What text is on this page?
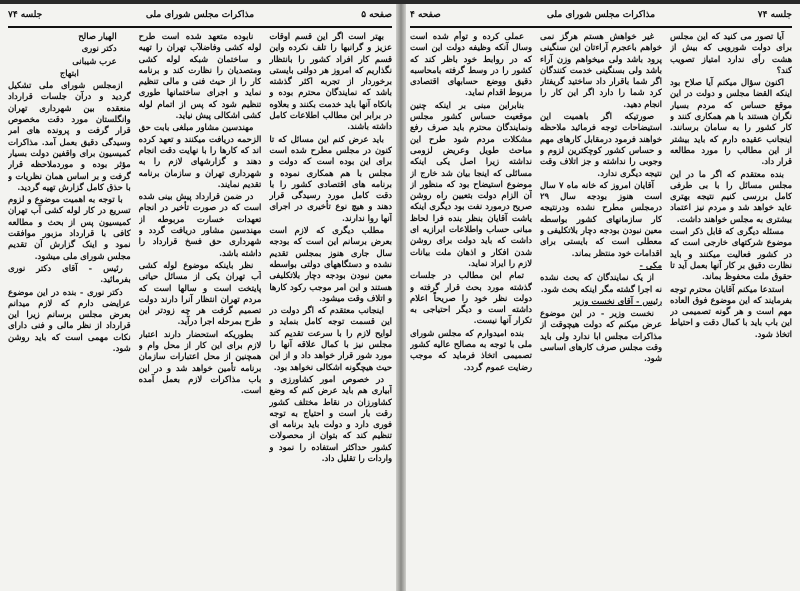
صفحه ۵
مذاکرات مجلس شورای ملی
جلسه ۷۴

بهتر است اگر این قسم اوقات عزیز و گرانبها را تلف نکرده واین قسم کار افراد کشور را بانتظار نگذاریم که امروز هر دولتی بایستی برخوردار از تجربه اکثر گذشته باشد که نمایندگان محترم بوده و بانکاه آنها باید خدمت بکنند و بعلاوه در برابر این مطالب اطلاعات کامل داشته باشند.

باید عرض کنم این مسائل که تا کنون در مجلس مطرح شده است برای این بوده است که دولت و مجلس با هم همکاری نموده و برنامه های اقتصادی کشور را با دقت کامل مورد رسیدگی قرار دهند و هیچ نوع تأخیری در اجرای آنها روا ندارند.

مطلب دیگری که لازم است بعرض برسانم این است که بودجه سال جاری هنوز بمجلس تقدیم نشده و دستگاههای دولتی بواسطه معین نبودن بودجه دچار بلاتکلیفی هستند و این امر موجب رکود کارها و اتلاف وقت میشود.

اینجانب معتقدم که اگر دولت در این قسمت توجه کامل بنماید و لوایح لازم را با سرعت تقدیم کند مجلس نیز با کمال علاقه آنها را مورد شور قرار خواهد داد و از این حیث هیچگونه اشکالی نخواهد بود.

در خصوص امور کشاورزی و آبیاری هم باید عرض کنم که وضع کشاورزان در نقاط مختلف کشور رقت بار است و احتیاج به توجه فوری دارد و دولت باید برنامه ای تنظیم کند که بتوان از محصولات کشور حداکثر استفاده را نمود و واردات را تقلیل داد.

نابوده متعهد شده است طرح لوله کشی وفاضلآب تهران را تهیه و ساختمان شبکه لوله کشی ومتصدیان را نظارت کند و برنامه کار را از حیث فنی و مالی تنظیم نماید و اجرای ساختمانها طوری تنظیم شود که پس از اتمام لوله کشی اشکالی پیش نیاید.

مهندسین مشاور مبلغی بابت حق الزحمه دریافت میکنند و تعهد کرده اند که کارها را با نهایت دقت انجام دهند و گزارشهای لازم را به شهرداری تهران و سازمان برنامه تقدیم نمایند.

در ضمن قرارداد پیش بینی شده است که در صورت تأخیر در انجام تعهدات خسارت مربوطه از مهندسین مشاور دریافت گردد و شهرداری حق فسخ قرارداد را داشته باشد.

نظر باینکه موضوع لوله کشی آب تهران یکی از مسائل حیاتی پایتخت است و سالها است که مردم تهران انتظار آنرا دارند دولت تصمیم گرفت هر چه زودتر این طرح بمرحله اجرا درآید.

بطوریکه استحضار دارند اعتبار لازم برای این کار از محل وام و همچنین از محل اعتبارات سازمان برنامه تأمین خواهد شد و در این باب مذاکرات لازم بعمل آمده است.

الهیار صالح

دکتر نوری

عرب شیبانی

ابتهاج

ازمجلس شورای ملی تشکیل گردید و درآن جلسات قرارداد منعقده بین شهرداری تهران وانگلستان مورد دقت مخصوص قرار گرفت و پرونده های امر وسیدگی دقیق بعمل آمد. مذاکرات کمیسیون برای واقفین دولت بسیار مؤثر بوده و موردملاحظه قرار گرفت و بر اساس همان نظریات و با حذق کامل گزارش تهیه گردید.

با توجه به اهمیت موضوع و لزوم تسریع در کار لوله کشی آب تهران کمیسیون پس از بحث و مطالعه کافی با قرارداد مزبور موافقت نمود و اینک گزارش آن تقدیم مجلس شورای ملی میشود.

رئیس - آقای دکتر نوری بفرمائید.

دکتر نوری - بنده در این موضوع عرایضی دارم که لازم میدانم بعرض مجلس برسانم زیرا این قرارداد از نظر مالی و فنی دارای نکات مهمی است که باید روشن شود.

جلسه ۷۴
مذاکرات مجلس شورای ملی
صفحه ۴

آیا تصور می کنید که این مجلس برای دولت شورویی که بیش از هشت رأی ندارد امتیاز تصویب کند؟

اکنون سؤال میکنم آیا صلاح بود اینکه القضا مجلس و دولت در این موقع حساس که مردم بسیار نگران هستند با هم همکاری کنند و کار کشور را به سامان برسانند. اینجانب عقیده دارم که باید بیشتر از این مطالب را مورد مطالعه قرار داد.

بنده معتقدم که اگر ما در این مجلس مسائل را با بی طرفی کامل بررسی کنیم نتیجه بهتری عاید خواهد شد و مردم نیز اعتماد بیشتری به مجلس خواهند داشت.

مسئله دیگری که قابل ذکر است موضوع شرکتهای خارجی است که در کشور فعالیت میکنند و باید نظارت دقیق بر کار آنها بعمل آید تا حقوق ملت محفوظ بماند.

استدعا میکنم آقایان محترم توجه بفرمایند که این موضوع فوق العاده مهم است و هر گونه تصمیمی در این باب باید با کمال دقت و احتیاط اتخاذ شود.

غیر خواهش هستم هرگز نمی خواهم باعجرم آراءتان این سنگینی پرود باشد ولی میخواهم وزن آراء باشد ولی بسنگینی خدمت کنندگان اگر شما باقرار داد ساختید گریفتار کرد شما را دارد اگر این کار را انجام دهید.

صورتیکه اگر باهمیت این استیضاحات توجه فرمائید ملاحظه خواهند فرمود درمقابل کارهای مهم و حساس کشور کوچکترین لزوم و وجوبی را نداشته و جز اتلاف وقت نتیجه دیگری ندارد.

آقایان امروز که خانه ماه ۷ سال است هنوز بودجه سال ۲۹ درمجلس مطرح نشده ودرنتیجه کار سازمانهای کشور بواسطه معین نبودن بودجه دچار بلاتکلیفی و معطلی است که بایستی برای اقدامات خود منتظر بماند.

مکی -

از یک نمایندگان که بحث نشده نه اجرا گشته مگر اینکه بحث شود.

رئیس - آقای نخست وزیر

نخست وزیر - در این موضوع عرض میکنم که دولت هیچوقت از مذاکرات مجلس ابا ندارد ولی باید وقت مجلس صرف کارهای اساسی شود.

عملی کرده و توأم شده است وسال آنکه وظیفه دولت این است که در روابط خود باظر کند که کشور را در وسط گرفته بامحاسبه دقیق ووضع حسابهای اقتصادی مربوط اقدام نماید.

بنابراین مبنی بر اینکه چنین موقعیت حساس کشور مجلس ونمایندگان محترم باید صرف رفع مشکلات مردم شود طرح این مباحث طویل وعریض لزومی نداشته زیرا اصل یکی اینکه مسائلی که اینجا بیان شد خارج از موضوع استیضاح بود که منظور از آن الزام دولت بتعیین راه روشن صریح درمورد نفت بود دیگری اینکه یاشت آقایان بنظر بنده فرا لحاظ مبانی حساب واطلاعات ابرازیه ای داشت که باید دولت برای روشن شدن افکار و اذهان ملت بیانات لازم را ایراد نماید.

تمام این مطالب در جلسات گذشته مورد بحث قرار گرفته و دولت نظر خود را صریحاً اعلام داشته است و دیگر احتیاجی به تکرار آنها نیست.

بنده امیدوارم که مجلس شورای ملی با توجه به مصالح عالیه کشور تصمیمی اتخاذ فرماید که موجب رضایت عموم گردد.
